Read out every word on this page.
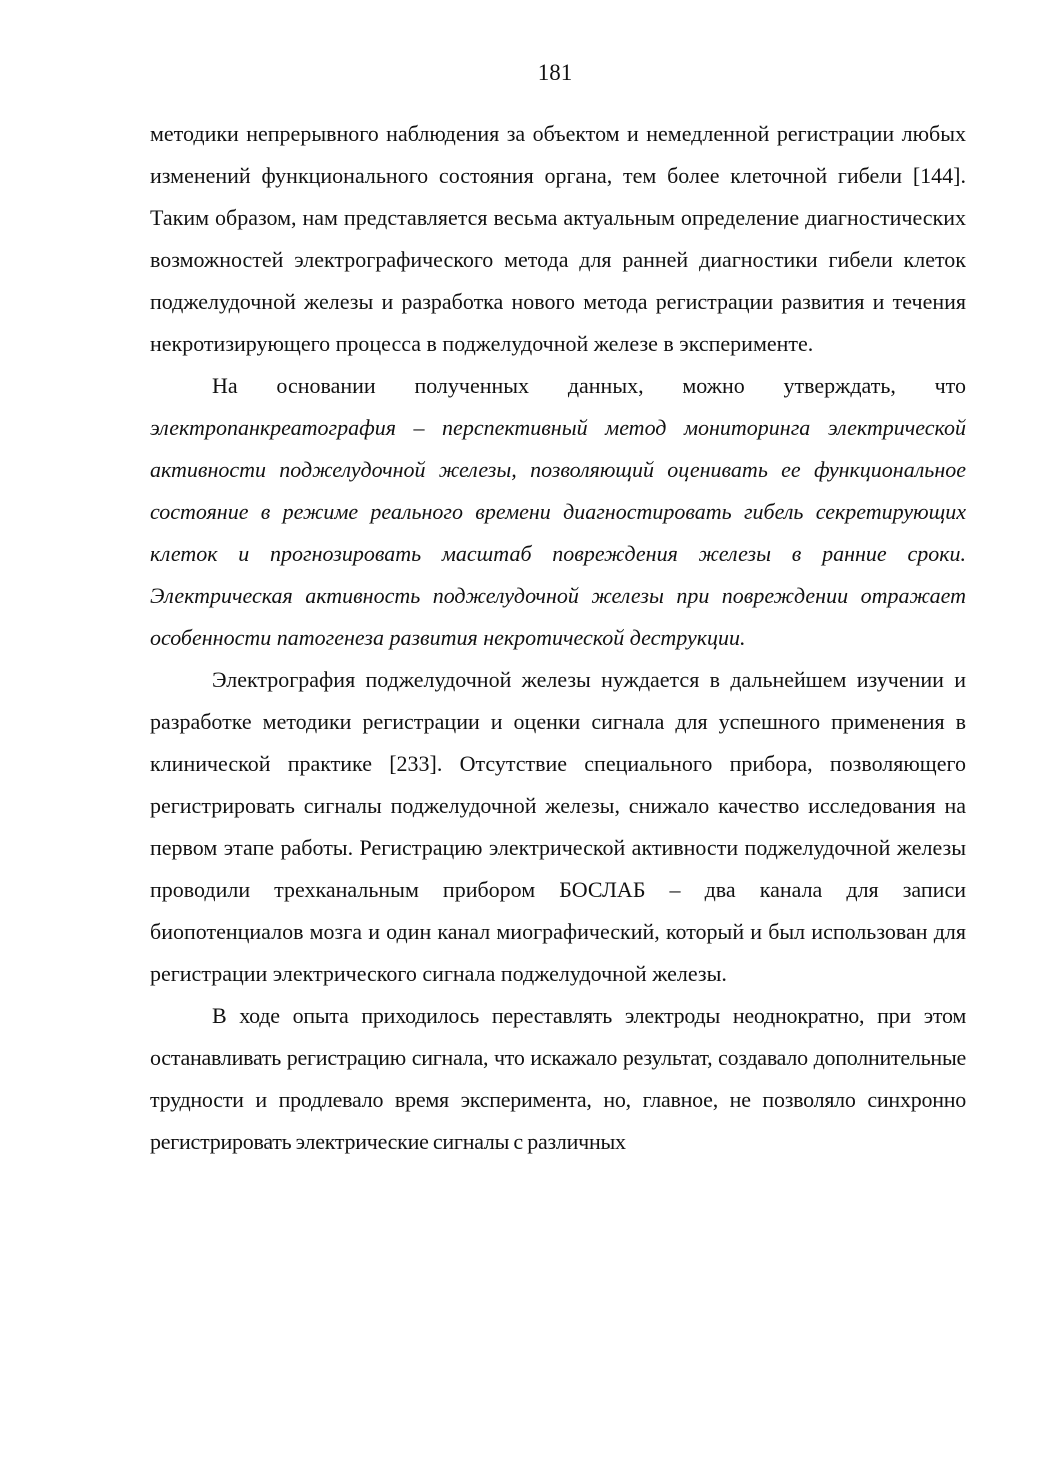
181

методики непрерывного наблюдения за объектом и немедленной регистрации любых изменений функционального состояния органа, тем более клеточной гибели [144]. Таким образом, нам представляется весьма актуальным определение диагностических возможностей электрографического метода для ранней диагностики гибели клеток поджелудочной железы и разработка нового метода регистрации развития и течения некротизирующего процесса в поджелудочной железе в эксперименте.

На основании полученных данных, можно утверждать, что электропанкреатография – перспективный метод мониторинга электрической активности поджелудочной железы, позволяющий оценивать ее функциональное состояние в режиме реального времени диагностировать гибель секретирующих клеток и прогнозировать масштаб повреждения железы в ранние сроки. Электрическая активность поджелудочной железы при повреждении отражает особенности патогенеза развития некротической деструкции.

Электрография поджелудочной железы нуждается в дальнейшем изучении и разработке методики регистрации и оценки сигнала для успешного применения в клинической практике [233]. Отсутствие специального прибора, позволяющего регистрировать сигналы поджелудочной железы, снижало качество исследования на первом этапе работы. Регистрацию электрической активности поджелудочной железы проводили трехканальным прибором БОСЛАБ – два канала для записи биопотенциалов мозга и один канал миографический, который и был использован для регистрации электрического сигнала поджелудочной железы.

В ходе опыта приходилось переставлять электроды неоднократно, при этом останавливать регистрацию сигнала, что искажало результат, создавало дополнительные трудности и продлевало время эксперимента, но, главное, не позволяло синхронно регистрировать электрические сигналы с различных
